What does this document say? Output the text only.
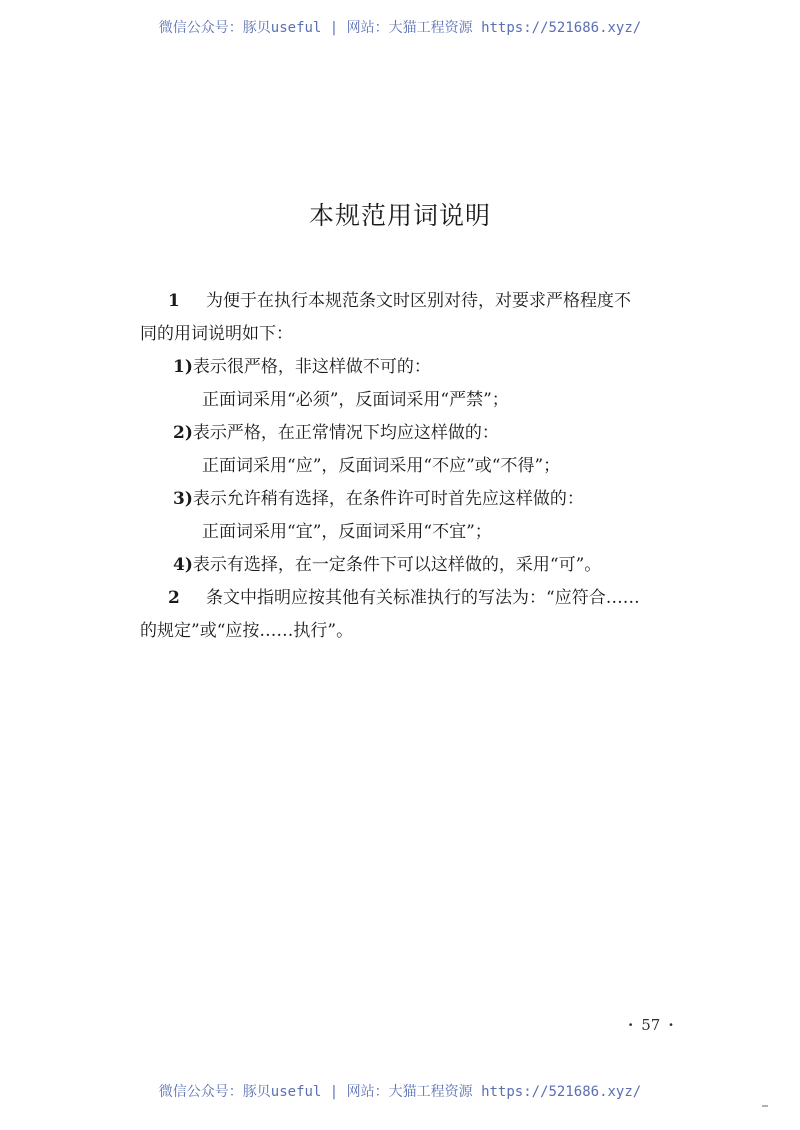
微信公众号：豚贝useful | 网站：大猫工程资源 https://521686.xyz/
本规范用词说明
1 为便于在执行本规范条文时区别对待，对要求严格程度不
同的用词说明如下：
1)表示很严格，非这样做不可的：
正面词采用“必须”，反面词采用“严禁”；
2)表示严格，在正常情况下均应这样做的：
正面词采用“应”，反面词采用“不应”或“不得”；
3)表示允许稍有选择，在条件许可时首先应这样做的：
正面词采用“宜”，反面词采用“不宜”；
4)表示有选择，在一定条件下可以这样做的，采用“可”。
2 条文中指明应按其他有关标准执行的写法为：“应符合……
的规定”或“应按……执行”。
· 57 ·
微信公众号：豚贝useful | 网站：大猫工程资源 https://521686.xyz/
